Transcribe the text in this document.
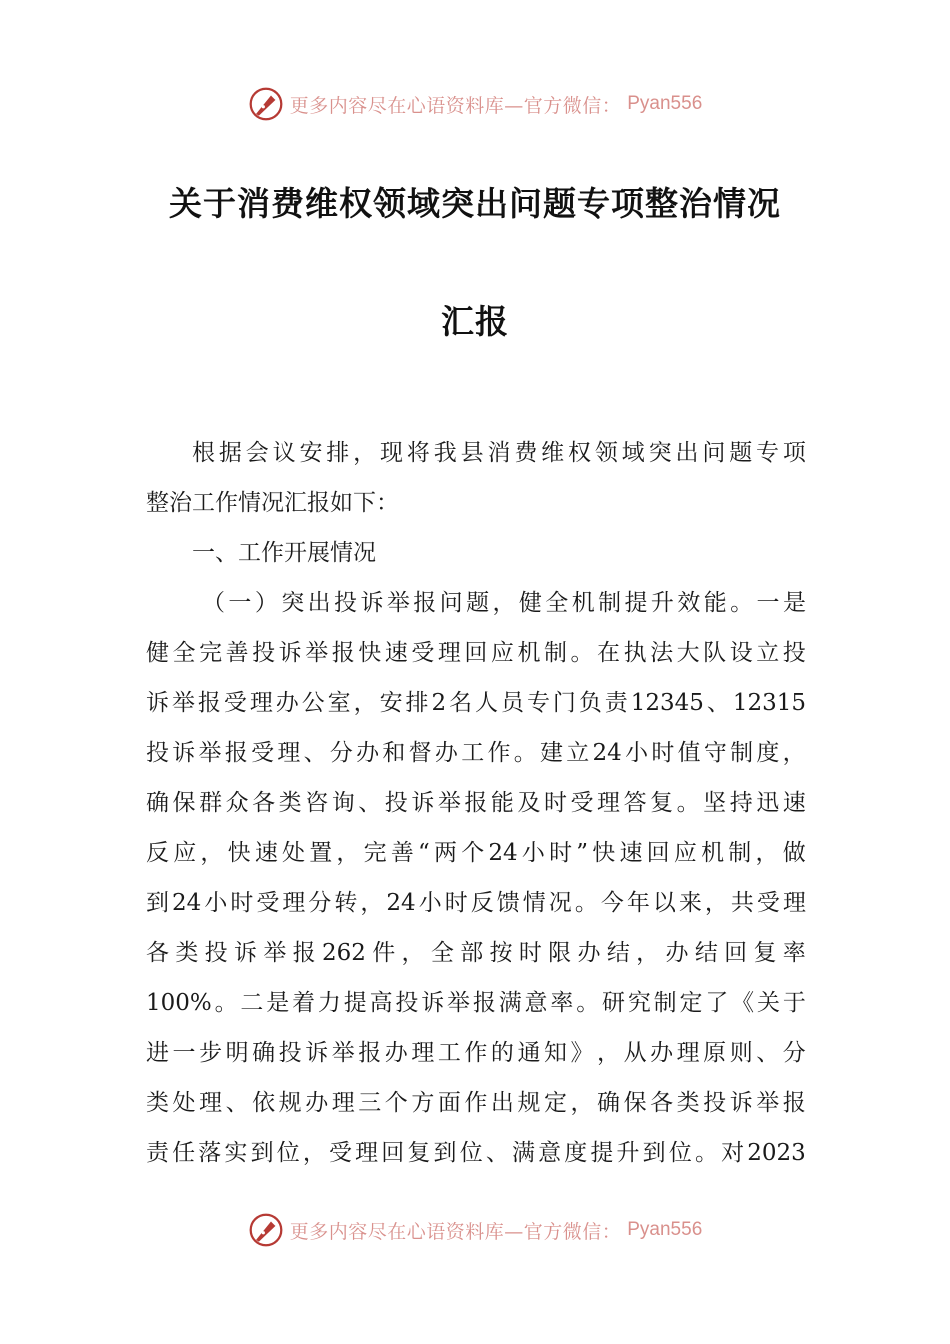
更多内容尽在心语资料库—官方微信： Pyan556
关于消费维权领域突出问题专项整治情况
汇报
根 据 会 议 安 排 ， 现 将 我 县 消 费 维 权 领 域 突 出 问 题 专 项
整治工作情况汇报如下：
一、工作开展情况
（ 一 ） 突 出 投 诉 举 报 问 题 ， 健 全 机 制 提 升 效 能 。 一 是
健 全 完 善 投 诉 举 报 快 速 受 理 回 应 机 制 。 在 执 法 大 队 设 立 投
诉 举 报 受 理 办 公 室 ， 安 排 2 名 人 员 专 门 负 责 12345 、 12315
投 诉 举 报 受 理 、 分 办 和 督 办 工 作 。 建 立 24 小 时 值 守 制 度 ，
确 保 群 众 各 类 咨 询 、 投 诉 举 报 能 及 时 受 理 答 复 。 坚 持 迅 速
反 应 ， 快 速 处 置 ， 完 善 “ 两 个 24 小 时 ” 快 速 回 应 机 制 ， 做
到 24 小 时 受 理 分 转 ， 24 小 时 反 馈 情 况 。 今 年 以 来 ， 共 受 理
各 类 投 诉 举 报 262 件 ， 全 部 按 时 限 办 结 ， 办 结 回 复 率
100% 。 二 是 着 力 提 高 投 诉 举 报 满 意 率 。 研 究 制 定 了 《 关 于
进 一 步 明 确 投 诉 举 报 办 理 工 作 的 通 知 》 ， 从 办 理 原 则 、 分
类 处 理 、 依 规 办 理 三 个 方 面 作 出 规 定 ， 确 保 各 类 投 诉 举 报
责 任 落 实 到 位 ， 受 理 回 复 到 位 、 满 意 度 提 升 到 位 。 对 2023
更多内容尽在心语资料库—官方微信： Pyan556
